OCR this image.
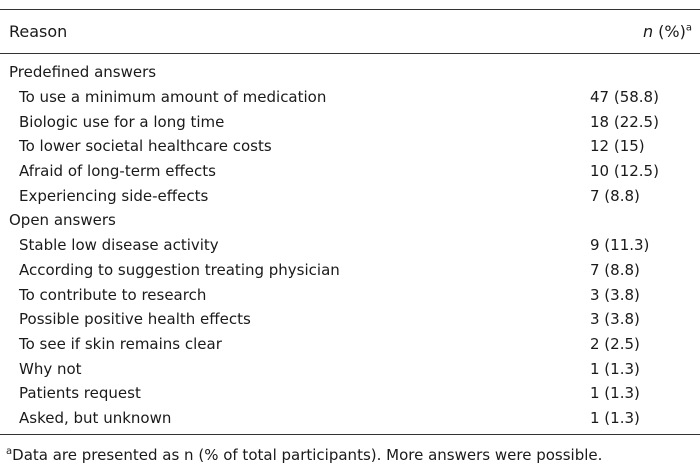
Reason	n (%)$^a$
Predefined answers
To use a minimum amount of medication	47 (58.8)
Biologic use for a long time	18 (22.5)
To lower societal healthcare costs	12 (15)
Afraid of long-term effects	10 (12.5)
Experiencing side-effects	7 (8.8)
Open answers
Stable low disease activity	9 (11.3)
According to suggestion treating physician	7 (8.8)
To contribute to research	3 (3.8)
Possible positive health effects	3 (3.8)
To see if skin remains clear	2 (2.5)
Why not	1 (1.3)
Patients request	1 (1.3)
Asked, but unknown	1 (1.3)
$^a$Data are presented as n (% of total participants). More answers were possible.
